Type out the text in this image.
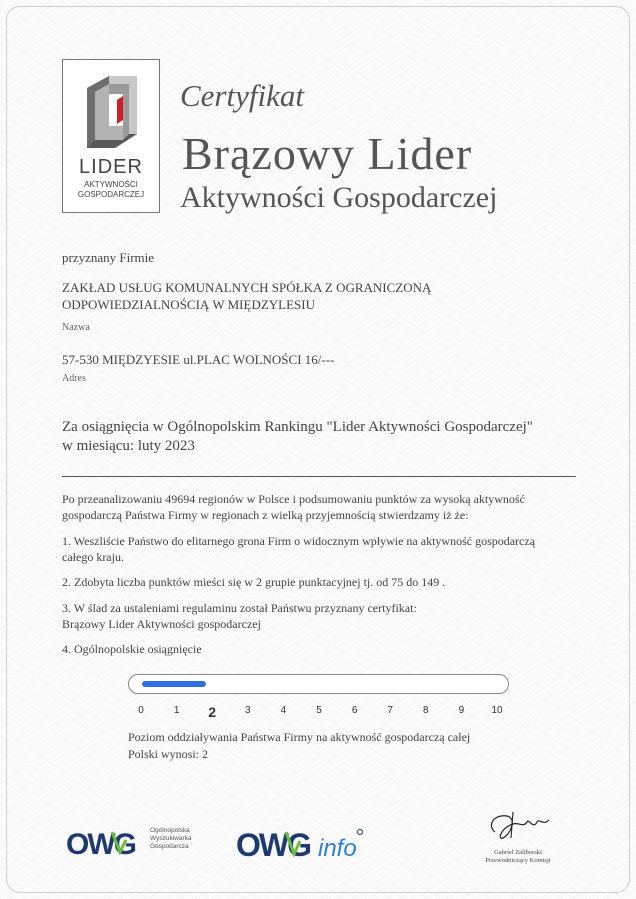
LIDER
AKTYWNOŚCI
GOSPODARCZEJ
Certyfikat
Brązowy Lider
Aktywności Gospodarczej
przyznany Firmie
ZAKŁAD USŁUG KOMUNALNYCH SPÓŁKA Z OGRANICZONĄ
ODPOWIEDZIALNOŚCIĄ W MIĘDZYLESIU
Nazwa
57-530 MIĘDZYESIE ul.PLAC WOLNOŚCI 16/---
Adres
Za osiągnięcia w Ogólnopolskim Rankingu "Lider Aktywności Gospodarczej"
w miesiącu: luty 2023
Po przeanalizowaniu 49694 regionów w Polsce i podsumowaniu punktów za wysoką aktywność
gospodarczą Państwa Firmy w regionach z wielką przyjemnością stwierdzamy iż że:
1. Weszliście Państwo do elitarnego grona Firm o widocznym wpływie na aktywność gospodarczą
całego kraju.
2. Zdobyta liczba punktów mieści się w 2 grupie punktacyjnej tj. od 75 do 149 .
3. W ślad za ustaleniami regulaminu został Państwu przyznany certyfikat:
Brązowy Lider Aktywności gospodarczej
4. Ogólnopolskie osiągnięcie
0	1 2	3	4	5	6	7	8	9	10
Poziom oddziaływania Państwa Firmy na aktywność gospodarczą całej
Polski wynosi: 2
OWG Ogólnopolska
Wyszukiwarka
Gospodarcza OWG info	Gabriel Zaliborski
Przewodniczący Komisji
